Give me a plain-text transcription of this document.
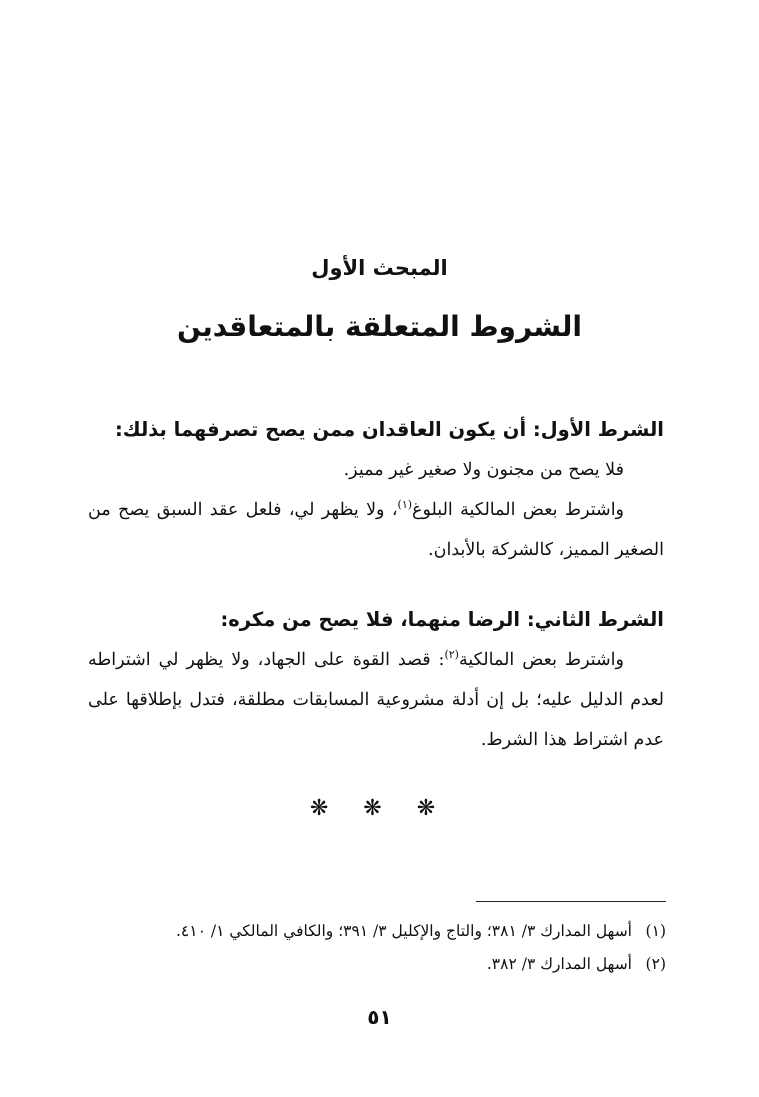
المبحث الأول
الشروط المتعلقة بالمتعاقدين
الشرط الأول: أن يكون العاقدان ممن يصح تصرفهما بذلك:
فلا يصح من مجنون ولا صغير غير مميز.
واشترط بعض المالكية البلوغ$^{(١)}$، ولا يظهر لي، فلعل عقد السبق يصح من الصغير المميز، كالشركة بالأبدان.
الشرط الثاني: الرضا منهما، فلا يصح من مكره:
واشترط بعض المالكية$^{(٢)}$: قصد القوة على الجهاد، ولا يظهر لي اشتراطه لعدم الدليل عليه؛ بل إن أدلة مشروعية المسابقات مطلقة، فتدل بإطلاقها على عدم اشتراط هذا الشرط.
❋ ❋ ❋
(١)أسهل المدارك ٣/ ٣٨١؛ والتاج والإكليل ٣/ ٣٩١؛ والكافي المالكي ١/ ٤١٠.
(٢)أسهل المدارك ٣/ ٣٨٢.
٥١
